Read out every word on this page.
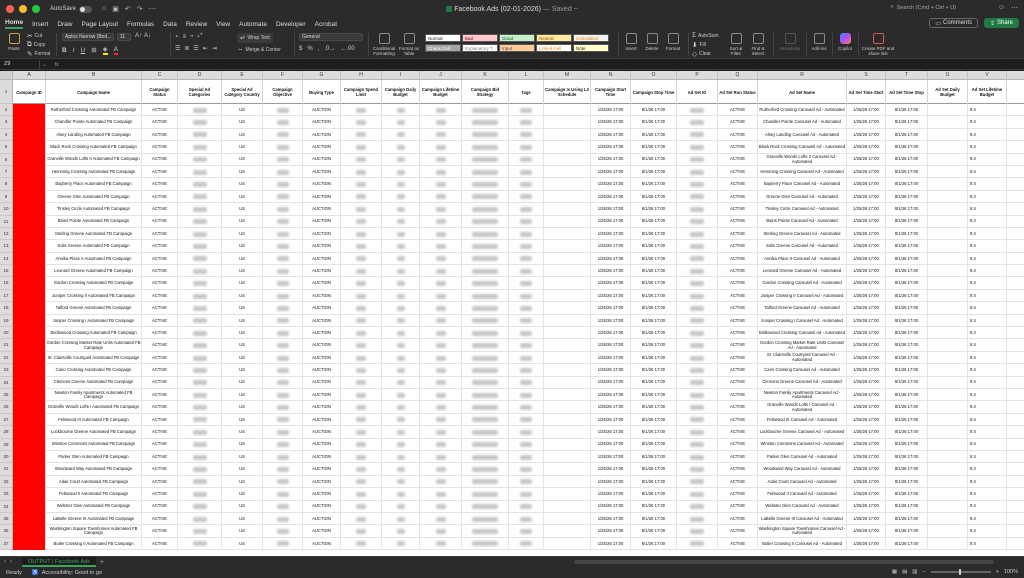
AutoSave	⌂ ▣ ↶ ↷ ⋯	Facebook Ads (02-01-2026) — Saved ~	⌕ Search (Cmd + Ctrl + U)	☺ ⋯
Home Insert Draw Page Layout Formulas Data Review View Automate Developer Acrobat	▭ Comments	⇪ Share
Paste
✂ Cut
⧉ Copy
✎ Format
Aptos Narrow (Bod...	11	A↑ A↓
B I U ⊞ ◈ A
⫠ ≡ ⫟ ⤢
☰ ≣ ☰ ⇤ ⇥
↵ Wrap Text
⇔ Merge & Center
General
$ % , .0→ ←.00	Conditional Formatting
Format as Table
Normal	Bad	Good	Neutral	Calculation
Check Cell	Explanatory T...	Input	Linked Cell	Note	Insert	Delete	Format
Σ AutoSum
⬇ Fill
◇ Clear
Sort & Filter
Find & Select
Sensitivity	Add-ins	Copilot	Create PDF and share link
Z9	⌄	fx
A	B	C	D	E	F	G	H	I	J	K	L	M	N	O	P	Q	R	S	T	U	V
1
2
3
4
5
6
7
8
9
10
11
12
13
14
15
16
17
18
19
20
21
22
23
24
25
26
27
28
29
30
31
32
33
34
35
36
37
Campaign ID	Campaign Name	Campaign Status
Special Ad Categories
Special Ad Category Country
Campaign Objective	Buying Type	Campaign Spend Limit
Campaign Daily Budget
Campaign Lifetime Budget
Campaign Bid Strategy	Tags	Campaign Is Using L3 Schedule
Campaign Start Time	Campaign Stop Time	Ad Set ID	Ad Set Run Status	Ad Set Name	Ad Set Time Start	Ad Set Time Stop	Ad Set Daily Budget
Ad Set Lifetime Budget
Rutherford Crossing Automated FB Campaign	ACTIVE	US	AUCTION	1/25/26 17:00	8/1/26 17:00	ACTIVE	Rutherford Crossing Carousel Ad - Automated	1/25/26 17:00	8/1/26 17:00	8:4
Chandler Pointe Automated FB Campaign	ACTIVE	US	AUCTION	1/25/26 17:00	8/1/26 17:00	ACTIVE	Chandler Pointe Carousel Ad - Automated	1/25/26 17:00	8/1/26 17:00	8:4
Alsey Landing Automated FB Campaign	ACTIVE	US	AUCTION	1/25/26 17:00	8/1/26 17:00	ACTIVE	Alsey Landing Carousel Ad - Automated	1/25/26 17:00	8/1/26 17:00	8:4
Black Rock Crossing Automated FB Campaign	ACTIVE	US	AUCTION	1/25/26 17:00	8/1/26 17:00	ACTIVE	Black Rock Crossing Carousel Ad - Automated	1/25/26 17:00	8/1/26 17:00	8:4
Granville Woods Lofts II Automated FB Campaign	ACTIVE	US	AUCTION	1/25/26 17:00	8/1/26 17:00	ACTIVE	Granville Woods Lofts II Carousel Ad - Automated	1/25/26 17:00	8/1/26 17:00	8:4
Hemming Crossing Automated FB Campaign	ACTIVE	US	AUCTION	1/25/26 17:00	8/1/26 17:00	ACTIVE	Hemming Crossing Carousel Ad - Automated	1/25/26 17:00	8/1/26 17:00	8:4
Bayberry Place Automated FB Campaign	ACTIVE	US	AUCTION	1/25/26 17:00	8/1/26 17:00	ACTIVE	Bayberry Place Carousel Ad - Automated	1/25/26 17:00	8/1/26 17:00	8:4
Greene Glen Automated FB Campaign	ACTIVE	US	AUCTION	1/25/26 17:00	8/1/26 17:00	ACTIVE	Greene Glen Carousel Ad - Automated	1/25/26 17:00	8/1/26 17:00	8:4
Tinsley Circle Automated FB Campaign	ACTIVE	US	AUCTION	1/25/26 17:00	8/1/26 17:00	ACTIVE	Tinsley Circle Carousel Ad - Automated	1/25/26 17:00	8/1/26 17:00	8:4
Bains Pointe Automated FB Campaign	ACTIVE	US	AUCTION	1/25/26 17:00	8/1/26 17:00	ACTIVE	Bains Pointe Carousel Ad - Automated	1/25/26 17:00	8/1/26 17:00	8:4
Sterling Greene Automated FB Campaign	ACTIVE	US	AUCTION	1/25/26 17:00	8/1/26 17:00	ACTIVE	Sterling Greene Carousel Ad - Automated	1/25/26 17:00	8/1/26 17:00	8:4
Solis Greene Automated FB Campaign	ACTIVE	US	AUCTION	1/25/26 17:00	8/1/26 17:00	ACTIVE	Solis Greene Carousel Ad - Automated	1/25/26 17:00	8/1/26 17:00	8:4
Annika Place II Automated FB Campaign	ACTIVE	US	AUCTION	1/25/26 17:00	8/1/26 17:00	ACTIVE	Annika Place II Carousel Ad - Automated	1/25/26 17:00	8/1/26 17:00	8:4
Leonard Greene Automated FB Campaign	ACTIVE	US	AUCTION	1/25/26 17:00	8/1/26 17:00	ACTIVE	Leonard Greene Carousel Ad - Automated	1/25/26 17:00	8/1/26 17:00	8:4
Gordon Crossing Automated FB Campaign	ACTIVE	US	AUCTION	1/25/26 17:00	8/1/26 17:00	ACTIVE	Gordon Crossing Carousel Ad - Automated	1/25/26 17:00	8/1/26 17:00	8:4
Juniper Crossing II Automated FB Campaign	ACTIVE	US	AUCTION	1/25/26 17:00	8/1/26 17:00	ACTIVE	Juniper Crossing II Carousel Ad - Automated	1/25/26 17:00	8/1/26 17:00	8:4
Talford Greene Automated FB Campaign	ACTIVE	US	AUCTION	1/25/26 17:00	8/1/26 17:00	ACTIVE	Talford Greene Carousel Ad - Automated	1/25/26 17:00	8/1/26 17:00	8:4
Juniper Crossing I Automated FB Campaign	ACTIVE	US	AUCTION	1/25/26 17:00	8/1/26 17:00	ACTIVE	Juniper Crossing I Carousel Ad - Automated	1/25/26 17:00	8/1/26 17:00	8:4
Bridlewood Crossing Automated FB Campaign	ACTIVE	US	AUCTION	1/25/26 17:00	8/1/26 17:00	ACTIVE	Bridlewood Crossing Carousel Ad - Automated	1/25/26 17:00	8/1/26 17:00	8:4
Gordon Crossing Market Rate Units Automated FB Campaign	ACTIVE	US	AUCTION	1/25/26 17:00	8/1/26 17:00	ACTIVE	Gordon Crossing Market Rate Units Carousel Ad - Automated	1/25/26 17:00	8/1/26 17:00	8:4
St. Clairsville Courtyard Automated FB Campaign	ACTIVE	US	AUCTION	1/25/26 17:00	8/1/26 17:00	ACTIVE	St. Clairsville Courtyard Carousel Ad - Automated	1/25/26 17:00	8/1/26 17:00	8:4
Cairo Crossing Automated FB Campaign	ACTIVE	US	AUCTION	1/25/26 17:00	8/1/26 17:00	ACTIVE	Cairo Crossing Carousel Ad - Automated	1/25/26 17:00	8/1/26 17:00	8:4
Clemons Greene Automated FB Campaign	ACTIVE	US	AUCTION	1/25/26 17:00	8/1/26 17:00	ACTIVE	Clemons Greene Carousel Ad - Automated	1/25/26 17:00	8/1/26 17:00	8:4
Newton Family Apartments Automated FB Campaign	ACTIVE	US	AUCTION	1/25/26 17:00	8/1/26 17:00	ACTIVE	Newton Family Apartments Carousel Ad - Automated	1/25/26 17:00	8/1/26 17:00	8:4
Granville Woods Lofts I Automated FB Campaign	ACTIVE	US	AUCTION	1/25/26 17:00	8/1/26 17:00	ACTIVE	Granville Woods Lofts I Carousel Ad - Automated	1/25/26 17:00	8/1/26 17:00	8:4
Felswood III Automated FB Campaign	ACTIVE	US	AUCTION	1/25/26 17:00	8/1/26 17:00	ACTIVE	Felswood III Carousel Ad - Automated	1/25/26 17:00	8/1/26 17:00	8:4
Lockbourne Greene Automated FB Campaign	ACTIVE	US	AUCTION	1/25/26 17:00	8/1/26 17:00	ACTIVE	Lockbourne Greene Carousel Ad - Automated	1/25/26 17:00	8/1/26 17:00	8:4
Winston Commons Automated FB Campaign	ACTIVE	US	AUCTION	1/25/26 17:00	8/1/26 17:00	ACTIVE	Winston Commons Carousel Ad - Automated	1/25/26 17:00	8/1/26 17:00	8:4
Parker Glen Automated FB Campaign	ACTIVE	US	AUCTION	1/25/26 17:00	8/1/26 17:00	ACTIVE	Parker Glen Carousel Ad - Automated	1/25/26 17:00	8/1/26 17:00	8:4
Woodward Way Automated FB Campaign	ACTIVE	US	AUCTION	1/25/26 17:00	8/1/26 17:00	ACTIVE	Woodward Way Carousel Ad - Automated	1/25/26 17:00	8/1/26 17:00	8:4
Adair Court Automated FB Campaign	ACTIVE	US	AUCTION	1/25/26 17:00	8/1/26 17:00	ACTIVE	Adair Court Carousel Ad - Automated	1/25/26 17:00	8/1/26 17:00	8:4
Felswood II Automated FB Campaign	ACTIVE	US	AUCTION	1/25/26 17:00	8/1/26 17:00	ACTIVE	Felswood II Carousel Ad - Automated	1/25/26 17:00	8/1/26 17:00	8:4
Webster Glen Automated FB Campaign	ACTIVE	US	AUCTION	1/25/26 17:00	8/1/26 17:00	ACTIVE	Webster Glen Carousel Ad - Automated	1/25/26 17:00	8/1/26 17:00	8:4
LaBelle Greene III Automated FB Campaign	ACTIVE	US	AUCTION	1/25/26 17:00	8/1/26 17:00	ACTIVE	LaBelle Greene III Carousel Ad - Automated	1/25/26 17:00	8/1/26 17:00	8:4
Washington Square Townhomes Automated FB Campaign	ACTIVE	US	AUCTION	1/25/26 17:00	8/1/26 17:00	ACTIVE	Washington Square Townhomes Carousel Ad - Automated	1/25/26 17:00	8/1/26 17:00	8:4
Butler Crossing II Automated FB Campaign	ACTIVE	US	AUCTION	1/25/26 17:00	8/1/26 17:00	ACTIVE	Butler Crossing II Carousel Ad - Automated	1/25/26 17:00	8/1/26 17:00	8:4
‹ ›	OUTPUT | Facebook Ads	+
Ready ♿ Accessibility: Good to go	▦ ▤ ▥ −	+ 100%
